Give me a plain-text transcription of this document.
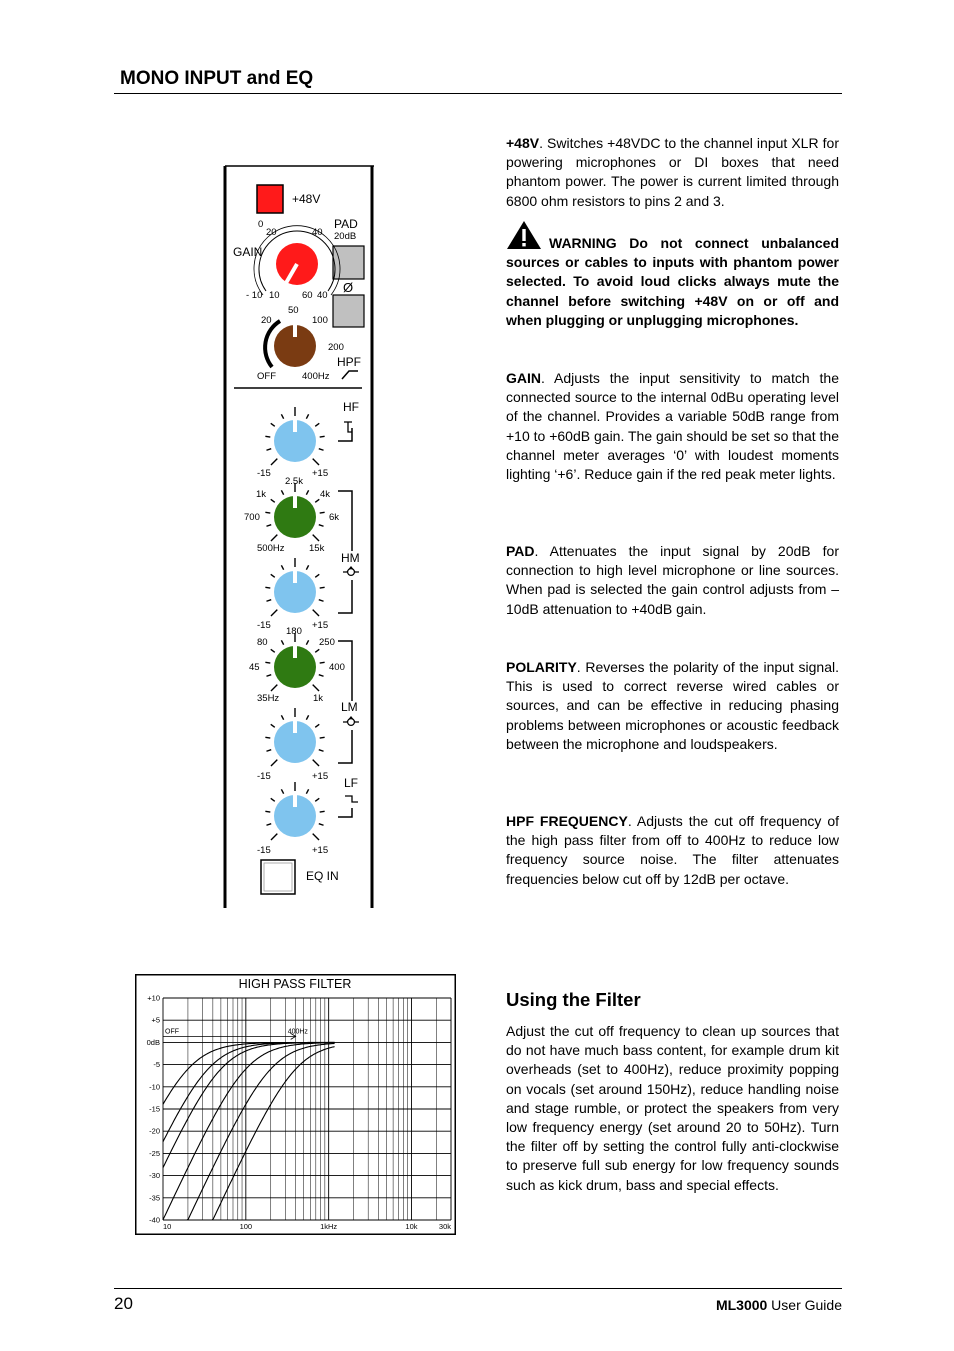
MONO INPUT and EQ
+48V
PAD
20dB
Ø
0
20	40
GAIN
- 10 10 60 40
50
20	100
200
OFF	400Hz
HPF
HF
HM
LM
LF
-15	+15
2.5k
1k	4k
700	6k
500Hz	15k
-15	+15
180
80	250
45	400
35Hz	1k
-15	+15
-15	+15
EQ IN
+48V. Switches +48VDC to the channel input XLR for powering microphones or DI boxes that need phantom power. The power is current limited through 6800 ohm resistors to pins 2 and 3.
WARNING Do not connect unbalanced sources or cables to inputs with phantom power selected. To avoid loud clicks always mute the channel before switching +48V on or off and when plugging or unplugging microphones.
GAIN. Adjusts the input sensitivity to match the connected source to the internal 0dBu operating level of the channel. Provides a variable 50dB range from +10 to +60dB gain. The gain should be set so that the channel meter averages ‘0’ with loudest moments lighting ‘+6’. Reduce gain if the red peak meter lights.
PAD. Attenuates the input signal by 20dB for connection to high level microphone or line sources. When pad is selected the gain control adjusts from –10dB attenuation to +40dB gain.
POLARITY. Reverses the polarity of the input signal. This is used to correct reverse wired cables or sources, and can be effective in reducing phasing problems between microphones or acoustic feedback between the microphone and loudspeakers.
HPF FREQUENCY. Adjusts the cut off frequency of the high pass filter from off to 400Hz to reduce low frequency source noise. The filter attenuates frequencies below cut off by 12dB per octave.
Using the Filter
Adjust the cut off frequency to clean up sources that do not have much bass content, for example drum kit overheads (set to 400Hz), reduce proximity popping on vocals (set around 150Hz), reduce handling noise and stage rumble, or protect the speakers from very low frequency energy (set around 20 to 50Hz). Turn the filter off by setting the control fully anti-clockwise to preserve full sub energy for low frequency sounds such as kick drum, bass and special effects.
HIGH PASS FILTER
+10
+5
0dB
-5
-10
-15
-20
-25
-30
-35
-40
10	100	1kHz	10k	30k
OFF	400Hz
20	ML3000 User Guide
